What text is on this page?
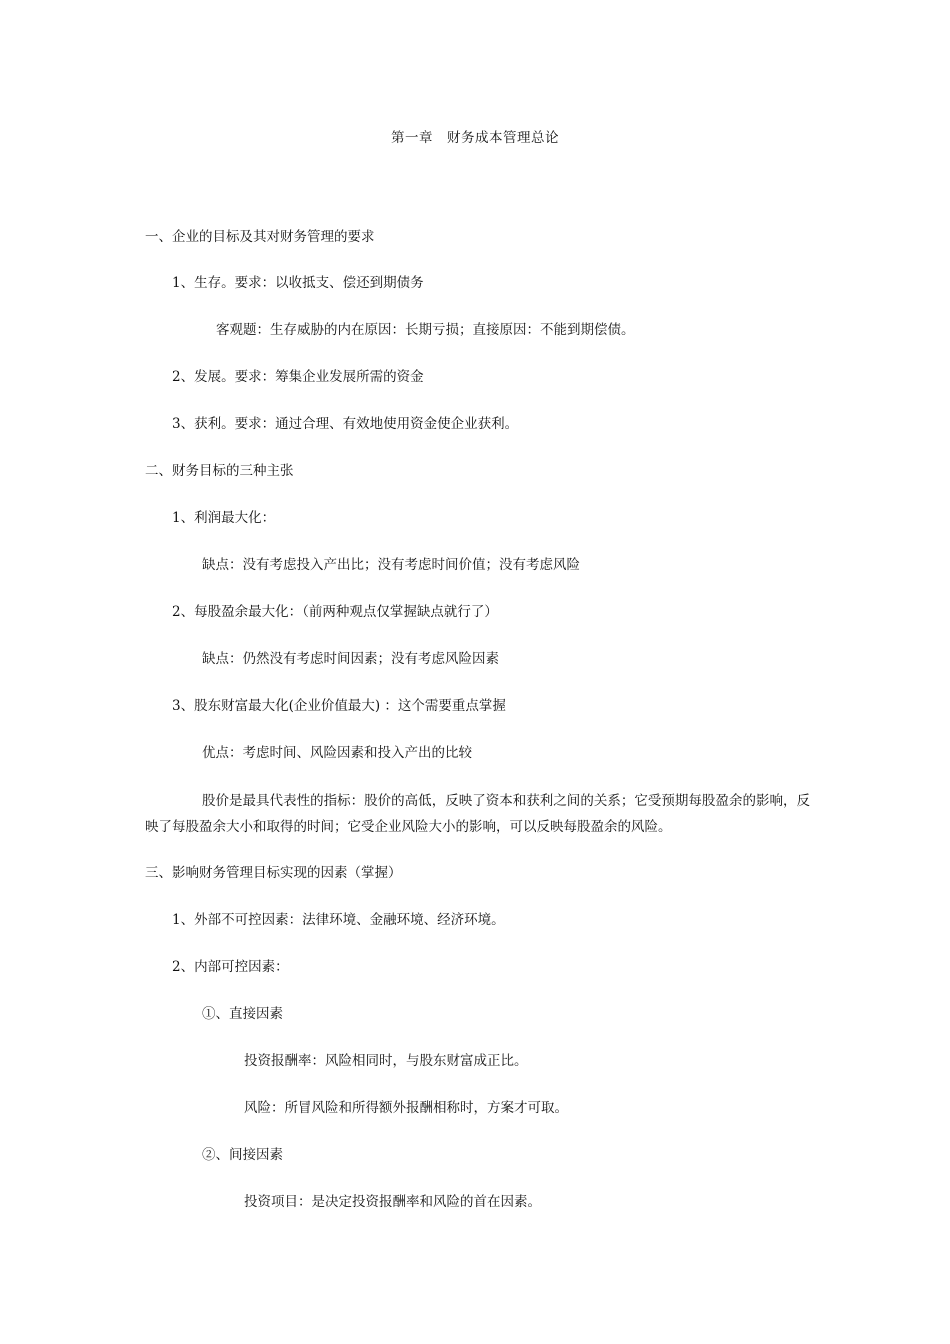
第一章　财务成本管理总论
一、企业的目标及其对财务管理的要求
1、生存。要求：以收抵支、偿还到期债务
客观题：生存威胁的内在原因：长期亏损；直接原因：不能到期偿债。
2、发展。要求：筹集企业发展所需的资金
3、获利。要求：通过合理、有效地使用资金使企业获利。
二、财务目标的三种主张
1、利润最大化：
缺点：没有考虑投入产出比；没有考虑时间价值；没有考虑风险
2、每股盈余最大化：（前两种观点仅掌握缺点就行了）
缺点：仍然没有考虑时间因素；没有考虑风险因素
3、股东财富最大化(企业价值最大) ：这个需要重点掌握
优点：考虑时间、风险因素和投入产出的比较
股价是最具代表性的指标：股价的高低，反映了资本和获利之间的关系；它受预期每股盈余的影响，反映了每股盈余大小和取得的时间；它受企业风险大小的影响，可以反映每股盈余的风险。
三、影响财务管理目标实现的因素（掌握）
1、外部不可控因素：法律环境、金融环境、经济环境。
2、内部可控因素：
①、直接因素
投资报酬率：风险相同时，与股东财富成正比。
风险：所冒风险和所得额外报酬相称时，方案才可取。
②、间接因素
投资项目：是决定投资报酬率和风险的首在因素。
